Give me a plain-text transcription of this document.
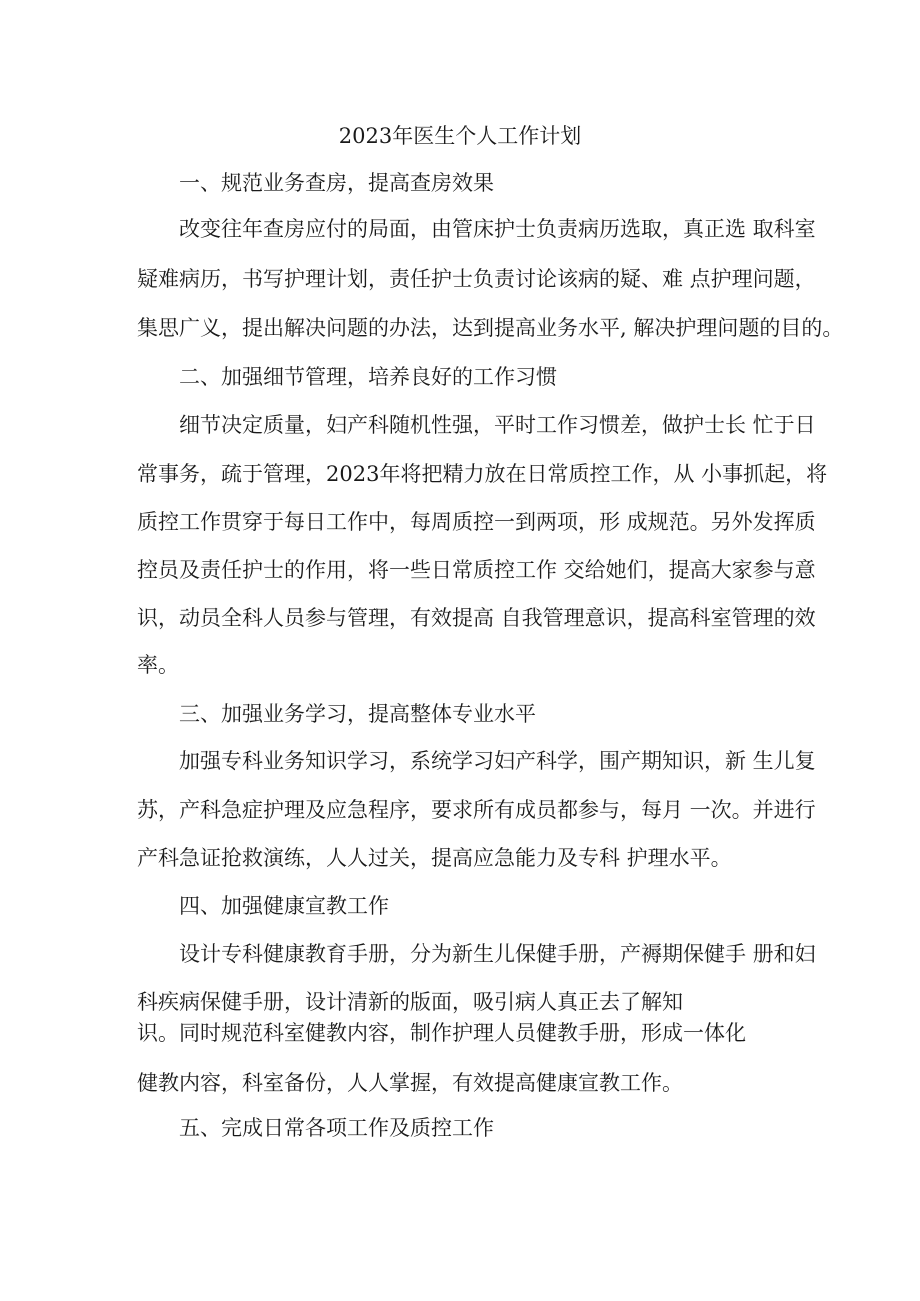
2023年医生个人工作计划
一、规范业务查房，提高查房效果
改变往年查房应付的局面，由管床护士负责病历选取，真正选 取科室
疑难病历，书写护理计划，责任护士负责讨论该病的疑、难 点护理问题，
集思广义，提出解决问题的办法，达到提高业务水平, 解决护理问题的目的。
二、加强细节管理，培养良好的工作习惯
细节决定质量，妇产科随机性强，平时工作习惯差，做护士长 忙于日
常事务，疏于管理，2023年将把精力放在日常质控工作，从 小事抓起，将
质控工作贯穿于每日工作中，每周质控一到两项，形 成规范。另外发挥质
控员及责任护士的作用，将一些日常质控工作 交给她们，提高大家参与意
识，动员全科人员参与管理，有效提高 自我管理意识，提高科室管理的效
率。
三、加强业务学习，提高整体专业水平
加强专科业务知识学习，系统学习妇产科学，围产期知识，新 生儿复
苏，产科急症护理及应急程序，要求所有成员都参与，每月 一次。并进行
产科急证抢救演练，人人过关，提高应急能力及专科 护理水平。
四、加强健康宣教工作
设计专科健康教育手册，分为新生儿保健手册，产褥期保健手 册和妇
科疾病保健手册，设计清新的版面，吸引病人真正去了解知
识。同时规范科室健教内容，制作护理人员健教手册，形成一体化
健教内容，科室备份，人人掌握，有效提高健康宣教工作。
五、完成日常各项工作及质控工作
